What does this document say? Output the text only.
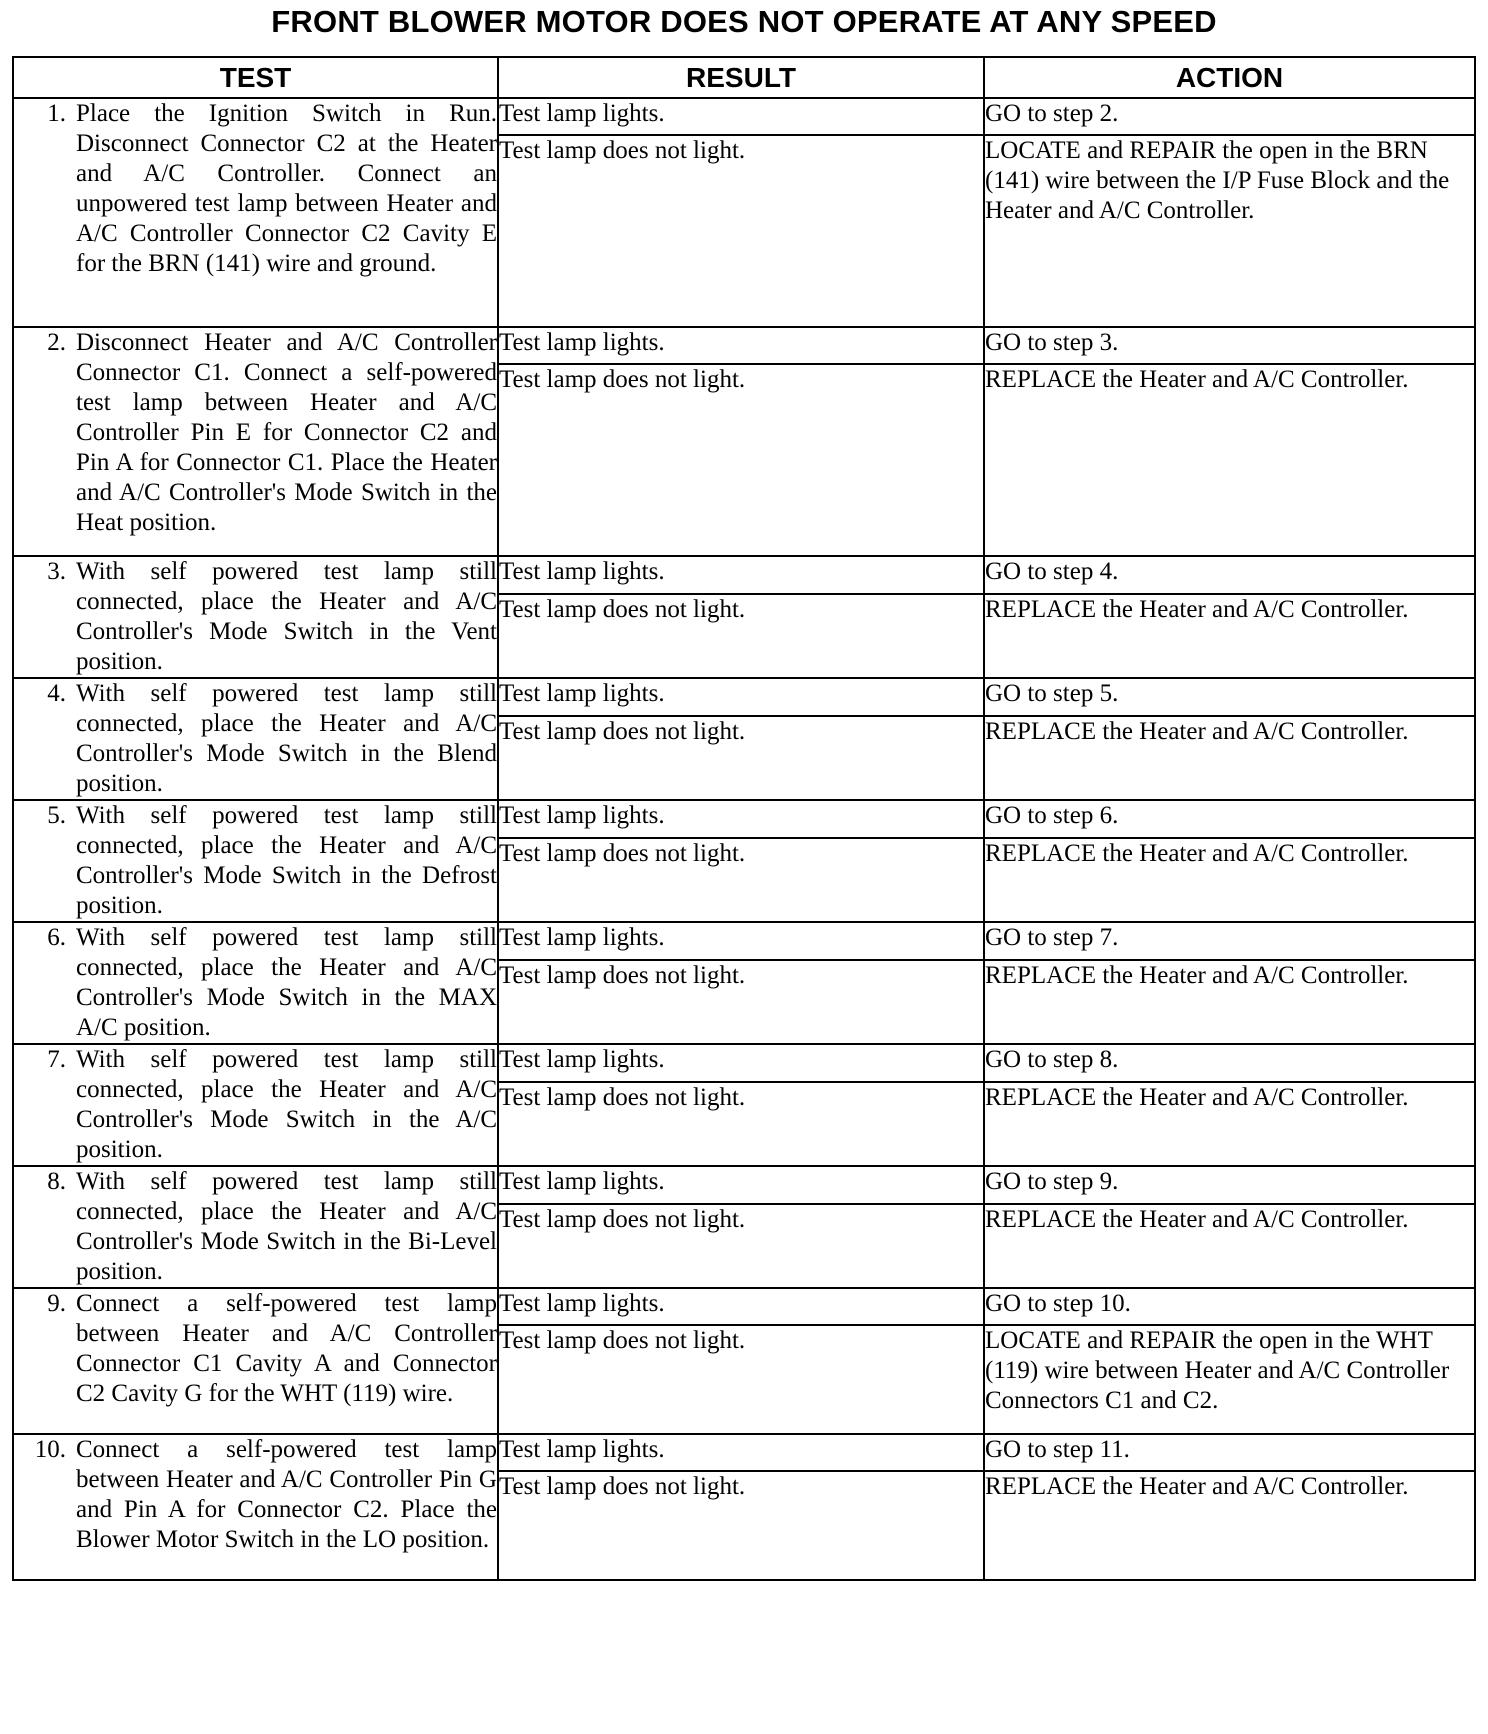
FRONT BLOWER MOTOR DOES NOT OPERATE AT ANY SPEED
TEST	RESULT	ACTION

1. Place the Ignition Switch in Run. Disconnect Connector C2 at the Heater and A/C Controller. Connect an unpowered test lamp between Heater and A/C Controller Connector C2 Cavity E for the BRN (141) wire and ground.	Test lamp lights.	GO to step 2.
	Test lamp does not light.	LOCATE and REPAIR the open in the BRN (141) wire between the I/P Fuse Block and the Heater and A/C Controller.

2. Disconnect Heater and A/C Controller Connector C1. Connect a self-powered test lamp between Heater and A/C Controller Pin E for Connector C2 and Pin A for Connector C1. Place the Heater and A/C Controller's Mode Switch in the Heat position.	Test lamp lights.	GO to step 3.
	Test lamp does not light.	REPLACE the Heater and A/C Controller.

3. With self powered test lamp still connected, place the Heater and A/C Controller's Mode Switch in the Vent position.	Test lamp lights.	GO to step 4.
	Test lamp does not light.	REPLACE the Heater and A/C Controller.

4. With self powered test lamp still connected, place the Heater and A/C Controller's Mode Switch in the Blend position.	Test lamp lights.	GO to step 5.
	Test lamp does not light.	REPLACE the Heater and A/C Controller.

5. With self powered test lamp still connected, place the Heater and A/C Controller's Mode Switch in the Defrost position.	Test lamp lights.	GO to step 6.
	Test lamp does not light.	REPLACE the Heater and A/C Controller.

6. With self powered test lamp still connected, place the Heater and A/C Controller's Mode Switch in the MAX A/C position.	Test lamp lights.	GO to step 7.
	Test lamp does not light.	REPLACE the Heater and A/C Controller.

7. With self powered test lamp still connected, place the Heater and A/C Controller's Mode Switch in the A/C position.	Test lamp lights.	GO to step 8.
	Test lamp does not light.	REPLACE the Heater and A/C Controller.

8. With self powered test lamp still connected, place the Heater and A/C Controller's Mode Switch in the Bi-Level position.	Test lamp lights.	GO to step 9.
	Test lamp does not light.	REPLACE the Heater and A/C Controller.

9. Connect a self-powered test lamp between Heater and A/C Controller Connector C1 Cavity A and Connector C2 Cavity G for the WHT (119) wire.	Test lamp lights.	GO to step 10.
	Test lamp does not light.	LOCATE and REPAIR the open in the WHT (119) wire between Heater and A/C Controller Connectors C1 and C2.

10. Connect a self-powered test lamp between Heater and A/C Controller Pin G and Pin A for Connector C2. Place the Blower Motor Switch in the LO position.	Test lamp lights.	GO to step 11.
	Test lamp does not light.	REPLACE the Heater and A/C Controller.
